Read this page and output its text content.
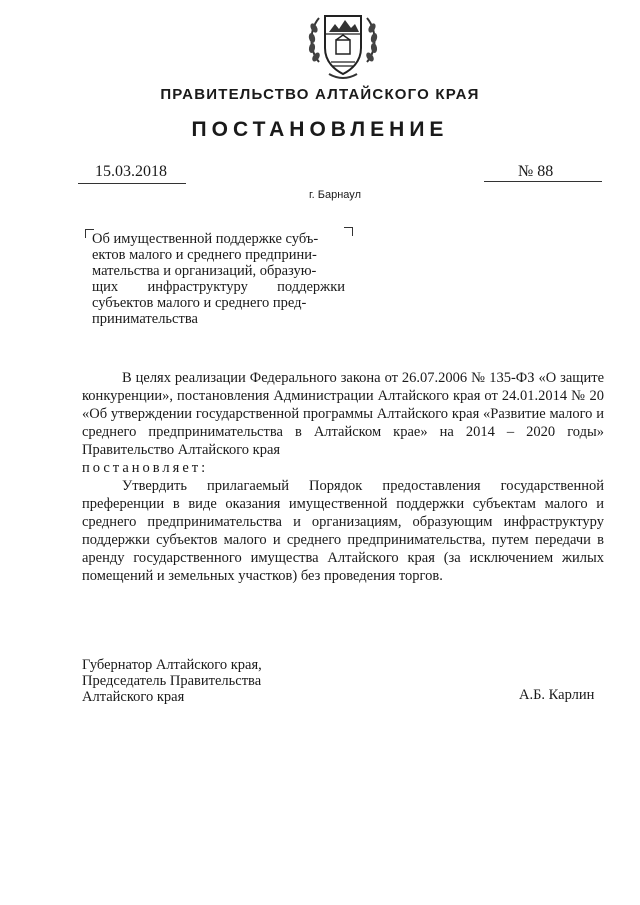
ПРАВИТЕЛЬСТВО АЛТАЙСКОГО КРАЯ
ПОСТАНОВЛЕНИЕ
15.03.2018	№ 88
г. Барнаул
Об имущественной поддержке субъ-
ектов малого и среднего предприни-
мательства и организаций, образую-
щих инфраструктуру поддержки
субъектов малого и среднего пред-
принимательства

В целях реализации Федерального закона от 26.07.2006 № 135-ФЗ «О защите конкуренции», постановления Администрации Алтайского края от 24.01.2014 № 20 «Об утверждении государственной программы Алтайского края «Развитие малого и среднего предпринимательства в Алтайском крае» на 2014 – 2020 годы» Правительство Алтайского края

постановляет:

Утвердить прилагаемый Порядок предоставления государственной преференции в виде оказания имущественной поддержки субъектам малого и среднего предпринимательства и организациям, образующим инфраструктуру поддержки субъектов малого и среднего предпринимательства, путем передачи в аренду государственного имущества Алтайского края (за исключением жилых помещений и земельных участков) без проведения торгов.

Губернатор Алтайского края,
Председатель Правительства
Алтайского края	А.Б. Карлин
